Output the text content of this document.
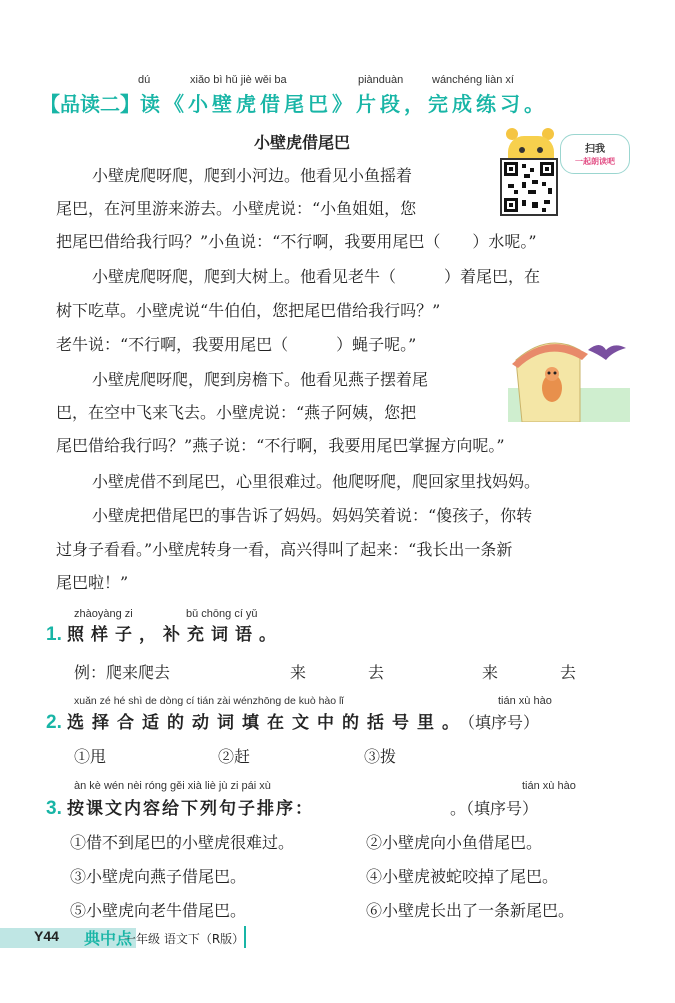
dú	xiǎo bì hǔ jiè wěi ba	piànduàn	wánchéng liàn xí
【品读二】读《小壁虎借尾巴》片段，完成练习。
扫我
一起朗读吧
小壁虎借尾巴
小壁虎爬呀爬，爬到小河边。他看见小鱼摇着
尾巴，在河里游来游去。小壁虎说：“小鱼姐姐，您
把尾巴借给我行吗？”小鱼说：“不行啊，我要用尾巴（　　）水呢。”
小壁虎爬呀爬，爬到大树上。他看见老牛（　　　）着尾巴，在
树下吃草。小壁虎说“牛伯伯，您把尾巴借给我行吗？”
老牛说：“不行啊，我要用尾巴（　　　）蝇子呢。”
小壁虎爬呀爬，爬到房檐下。他看见燕子摆着尾
巴，在空中飞来飞去。小壁虎说：“燕子阿姨，您把
尾巴借给我行吗？”燕子说：“不行啊，我要用尾巴掌握方向呢。”
小壁虎借不到尾巴，心里很难过。他爬呀爬，爬回家里找妈妈。
小壁虎把借尾巴的事告诉了妈妈。妈妈笑着说：“傻孩子，你转
过身子看看。”小壁虎转身一看，高兴得叫了起来：“我长出一条新
尾巴啦！”
zhàoyàng zi	bǔ chōng cí yǔ
1. 照样子，补充词语。
例：爬来爬去	来	去	来	去
xuǎn zé hé shì de dòng cí tián zài wénzhōng de kuò hào lǐ	tián xù hào
2. 选择合适的动词填在文中的括号里。（填序号）
①甩	②赶	③拨
àn kè wén nèi róng gěi xià liè jù zi pái xù	tián xù hào
3. 按课文内容给下列句子排序：	。（填序号）
①借不到尾巴的小壁虎很难过。	②小壁虎向小鱼借尾巴。
③小壁虎向燕子借尾巴。	④小壁虎被蛇咬掉了尾巴。
⑤小壁虎向老牛借尾巴。	⑥小壁虎长出了一条新尾巴。
Y44 典中点
一年级 语文下（R版）
